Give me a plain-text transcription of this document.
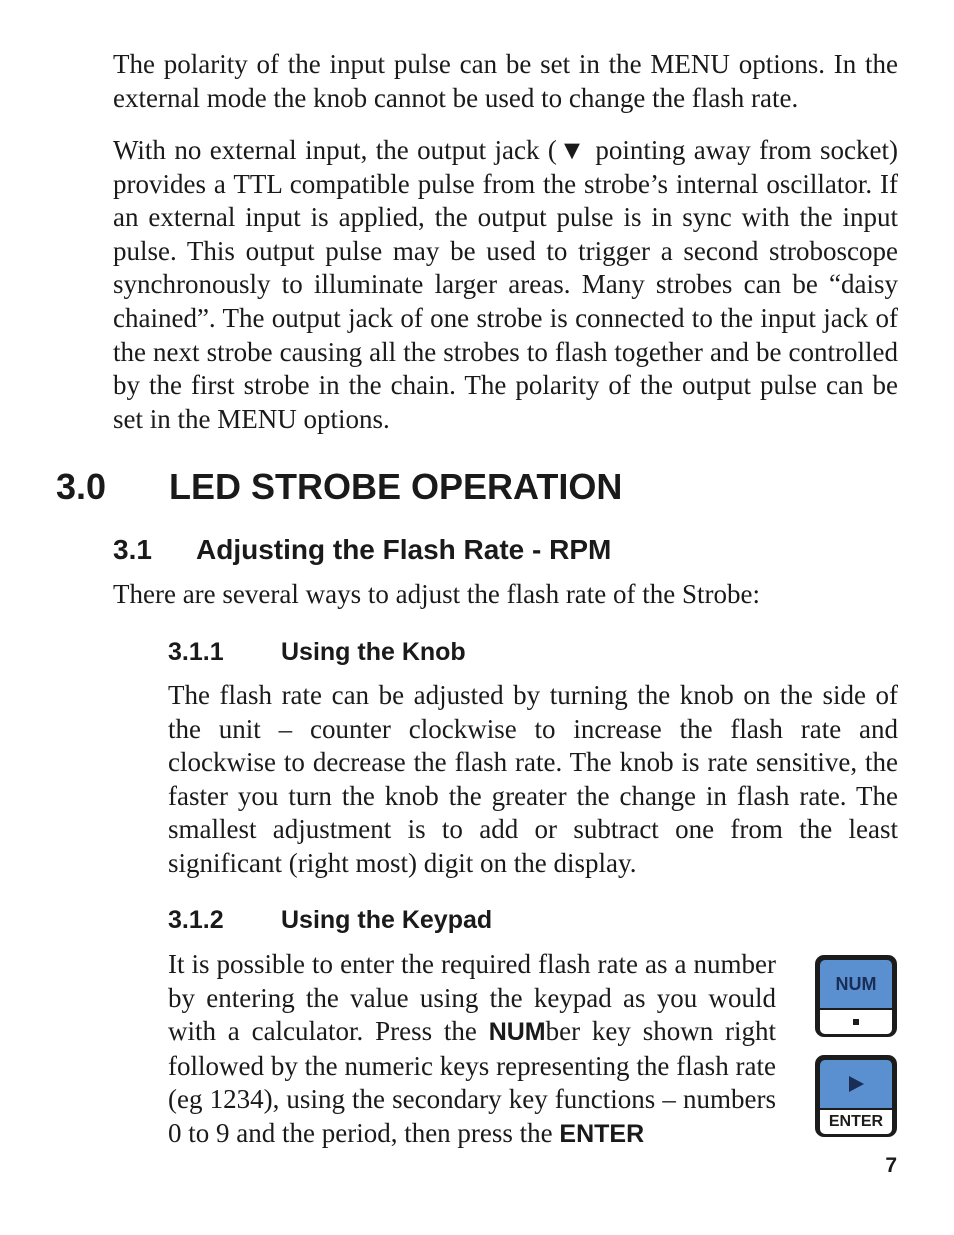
The polarity of the input pulse can be set in the MENU options. In the external mode the knob cannot be used to change the flash rate.

With no external input, the output jack (▼ pointing away from socket) provides a TTL compatible pulse from the strobe’s internal oscillator. If an external input is applied, the output pulse is in sync with the input pulse. This output pulse may be used to trigger a second stroboscope synchronously to illuminate larger areas. Many strobes can be “daisy chained”. The output jack of one strobe is connected to the input jack of the next strobe causing all the strobes to flash together and be controlled by the first strobe in the chain. The polarity of the output pulse can be set in the MENU options.

3.0 LED STROBE OPERATION
3.1 Adjusting the Flash Rate - RPM

There are several ways to adjust the flash rate of the Strobe:

3.1.1 Using the Knob

The flash rate can be adjusted by turning the knob on the side of the unit – counter clockwise to increase the flash rate and clockwise to decrease the flash rate. The knob is rate sensitive, the faster you turn the knob the greater the change in flash rate. The smallest adjustment is to add or subtract one from the least significant (right most) digit on the display.

3.1.2 Using the Keypad

It is possible to enter the required flash rate as a number by entering the value using the keypad as you would with a calculator. Press the NUMber key shown right followed by the numeric keys representing the flash rate (eg 1234), using the secondary key functions – numbers 0 to 9 and the period, then press the ENTER

NUM
ENTER

7
